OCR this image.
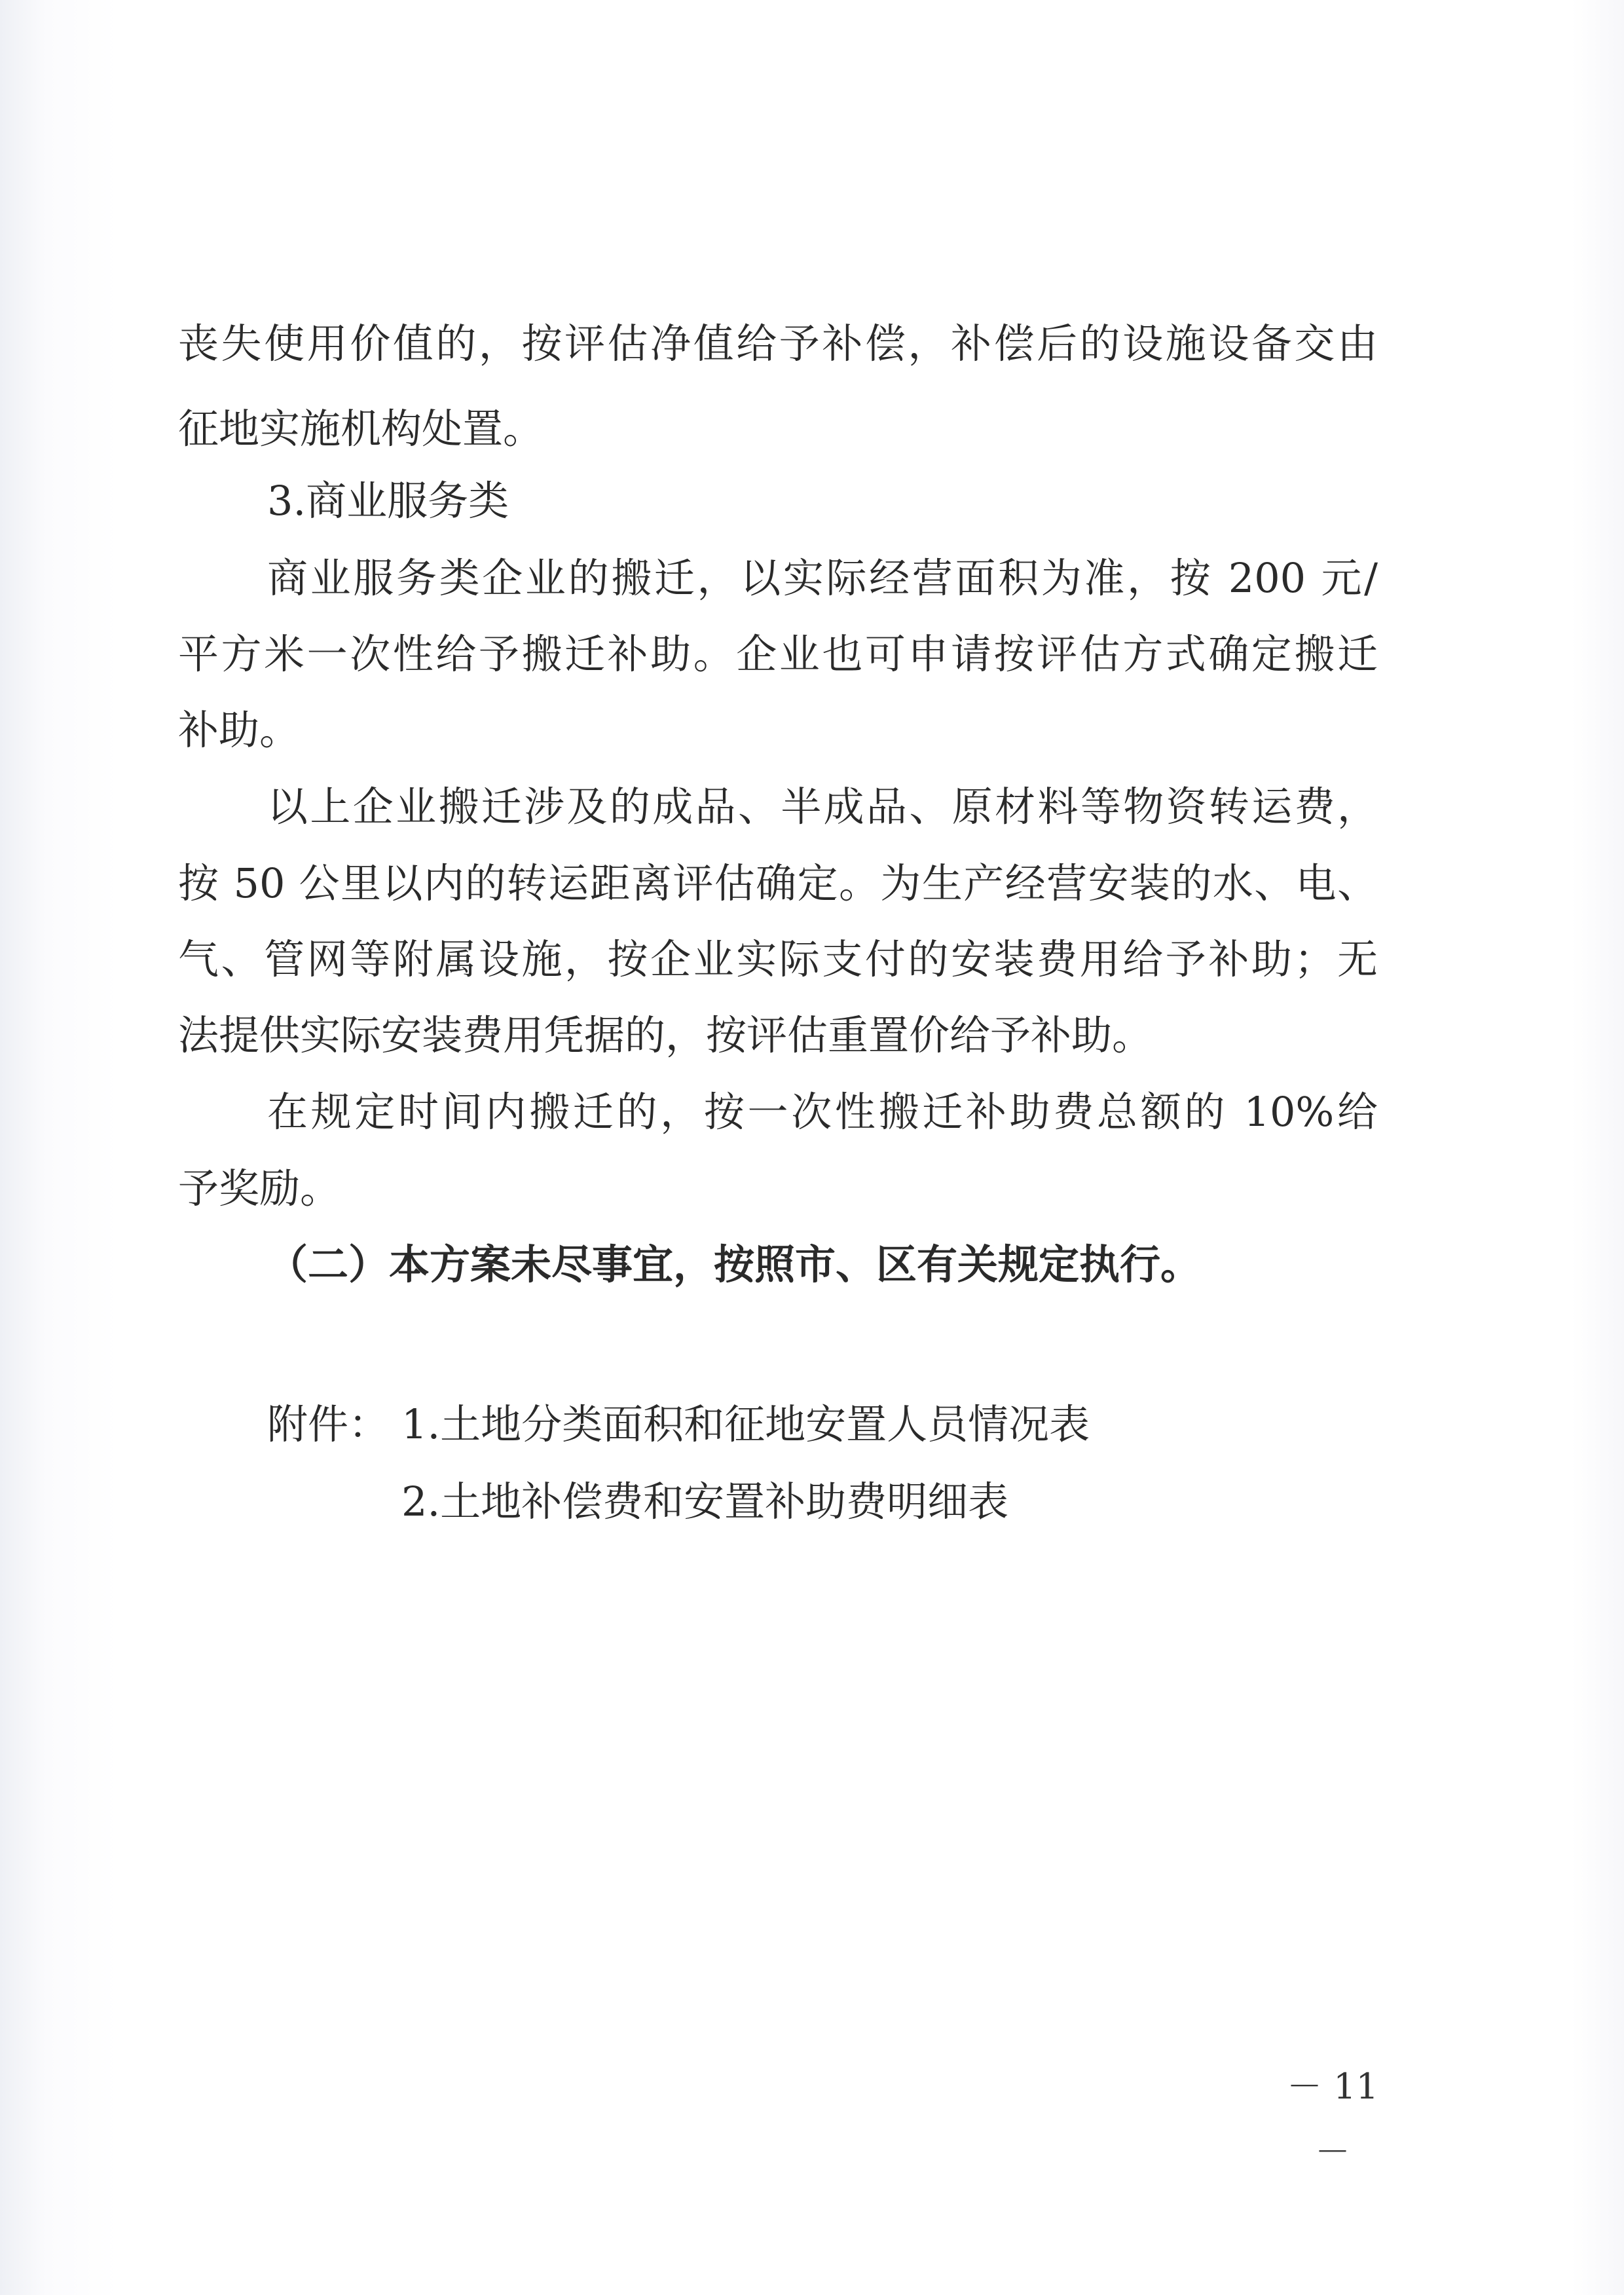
丧失使用价值的，按评估净值给予补偿，补偿后的设施设备交由

征地实施机构处置。

3.商业服务类

商业服务类企业的搬迁，以实际经营面积为准，按 200 元/

平方米一次性给予搬迁补助。企业也可申请按评估方式确定搬迁

补助。

以上企业搬迁涉及的成品、半成品、原材料等物资转运费，

按 50 公里以内的转运距离评估确定。为生产经营安装的水、电、

气、管网等附属设施，按企业实际支付的安装费用给予补助；无

法提供实际安装费用凭据的，按评估重置价给予补助。

在规定时间内搬迁的，按一次性搬迁补助费总额的 10%给

予奖励。

（二）本方案未尽事宜，按照市、区有关规定执行。

附件： 1.土地分类面积和征地安置人员情况表
2.土地补偿费和安置补助费明细表
－ 11 －
